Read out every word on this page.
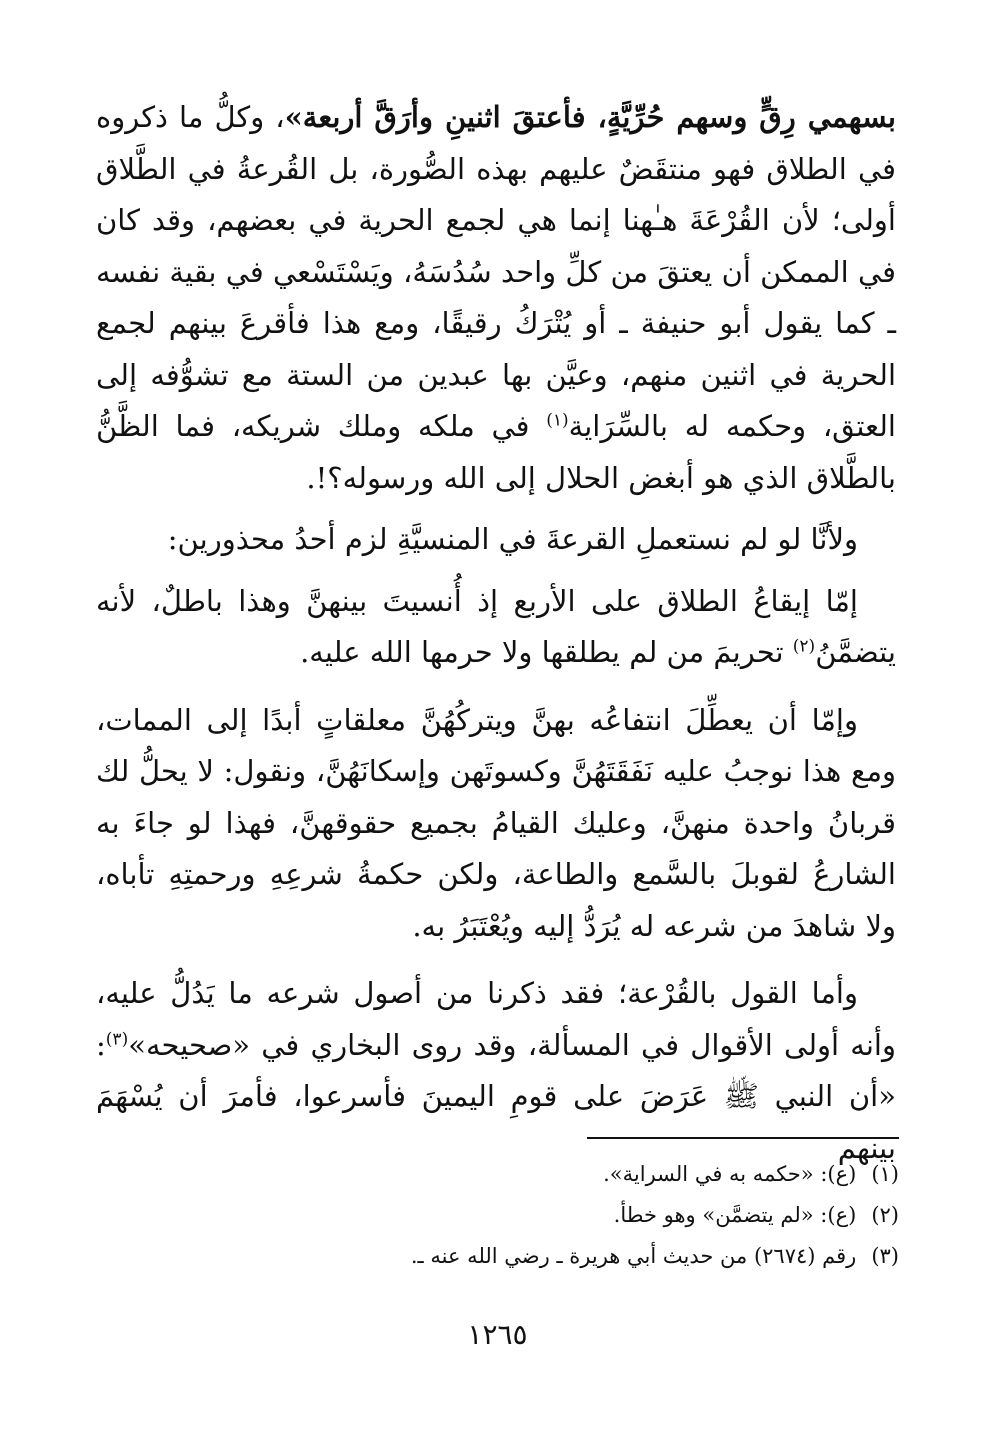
بسهمي رِقٍّ وسهم حُرِّيَّةٍ، فأعتقَ اثنينِ وأرَقَّ أربعة»، وكلُّ ما ذكروه في الطلاق فهو منتقَضٌ عليهم بهذه الصُّورة، بل القُرعةُ في الطَّلاق أولى؛ لأن القُرْعَةَ هـٰهنا إنما هي لجمع الحرية في بعضهم، وقد كان في الممكن أن يعتقَ من كلِّ واحد سُدُسَهُ، ويَسْتَسْعي في بقية نفسه ـ كما يقول أبو حنيفة ـ أو يُتْرَكُ رقيقًا، ومع هذا فأقرعَ بينهم لجمع الحرية في اثنين منهم، وعيَّن بها عبدين من الستة مع تشوُّفه إلى العتق، وحكمه له بالسِّرَاية$^{(١)}$ في ملكه وملك شريكه، فما الظَّنُّ بالطَّلاق الذي هو أبغض الحلال إلى الله ورسوله؟!.

ولأنَّا لو لم نستعملِ القرعةَ في المنسيَّةِ لزم أحدُ محذورين:

إمّا إيقاعُ الطلاق على الأربع إذ أُنسيتَ بينهنَّ وهذا باطلٌ، لأنه يتضمَّنُ$^{(٢)}$ تحريمَ من لم يطلقها ولا حرمها الله عليه.

وإمّا أن يعطِّلَ انتفاعُه بهنَّ ويتركُهُنَّ معلقاتٍ أبدًا إلى الممات، ومع هذا نوجبُ عليه نَفَقَتَهُنَّ وكسوتَهن وإسكانَهُنَّ، ونقول: لا يحلُّ لك قربانُ واحدة منهنَّ، وعليك القيامُ بجميع حقوقهنَّ، فهذا لو جاءَ به الشارعُ لقوبلَ بالسَّمع والطاعة، ولكن حكمةُ شرعِهِ ورحمتِهِ تأباه، ولا شاهدَ من شرعه له يُرَدُّ إليه ويُعْتَبَرُ به.

وأما القول بالقُرْعة؛ فقد ذكرنا من أصول شرعه ما يَدُلُّ عليه، وأنه أولى الأقوال في المسألة، وقد روى البخاري في «صحيحه»$^{(٣)}$: «أن النبي ﷺ عَرَضَ على قومِ اليمينَ فأسرعوا، فأمرَ أن يُسْهَمَ بينهم

(١) (ع): «حكمه به في السراية».

(٢) (ع): «لم يتضمَّن» وهو خطأ.

(٣) رقم (٢٦٧٤) من حديث أبي هريرة ـ رضي الله عنه ـ.

١٢٦٥
